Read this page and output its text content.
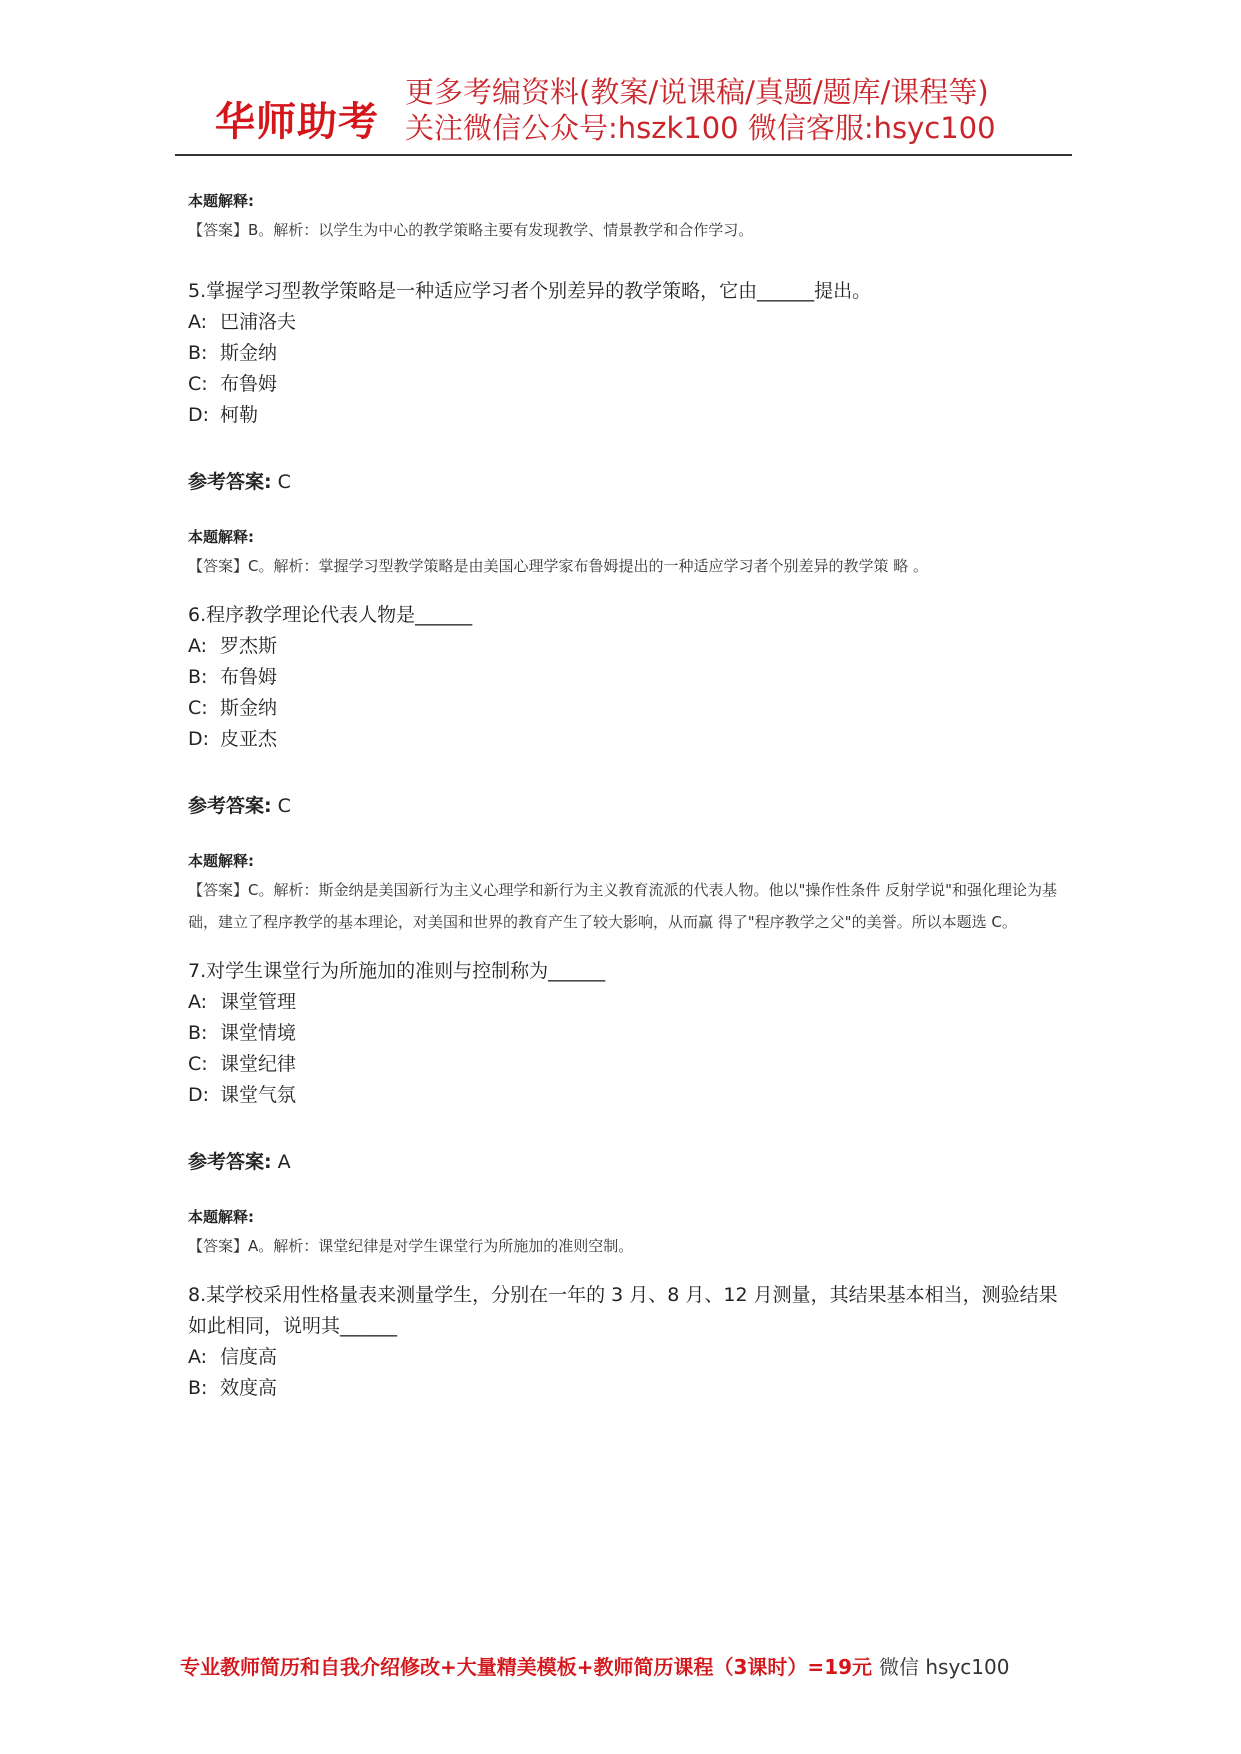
华师助考
更多考编资料(教案/说课稿/真题/题库/课程等)
关注微信公众号:hszk100 微信客服:hsyc100
本题解释:
【答案】B。解析：以学生为中心的教学策略主要有发现教学、情景教学和合作学习。
5.掌握学习型教学策略是一种适应学习者个别差异的教学策略，它由______提出。
A: 巴浦洛夫
B: 斯金纳
C: 布鲁姆
D: 柯勒
参考答案: C
本题解释:
【答案】C。解析：掌握学习型教学策略是由美国心理学家布鲁姆提出的一种适应学习者个别差异的教学策 略 。
6.程序教学理论代表人物是______
A: 罗杰斯
B: 布鲁姆
C: 斯金纳
D: 皮亚杰
参考答案: C
本题解释:
【答案】C。解析：斯金纳是美国新行为主义心理学和新行为主义教育流派的代表人物。他以"操作性条件 反射学说"和强化理论为基础，建立了程序教学的基本理论，对美国和世界的教育产生了较大影响，从而赢 得了"程序教学之父"的美誉。所以本题选 C。
7.对学生课堂行为所施加的准则与控制称为______
A: 课堂管理
B: 课堂情境
C: 课堂纪律
D: 课堂气氛
参考答案: A
本题解释:
【答案】A。解析：课堂纪律是对学生课堂行为所施加的准则空制。
8.某学校采用性格量表来测量学生，分别在一年的 3 月、8 月、12 月测量，其结果基本相当，测验结果如此相同，说明其______
A: 信度高
B: 效度高
专业教师简历和自我介绍修改+大量精美模板+教师简历课程（3课时）=19元 微信 hsyc100
